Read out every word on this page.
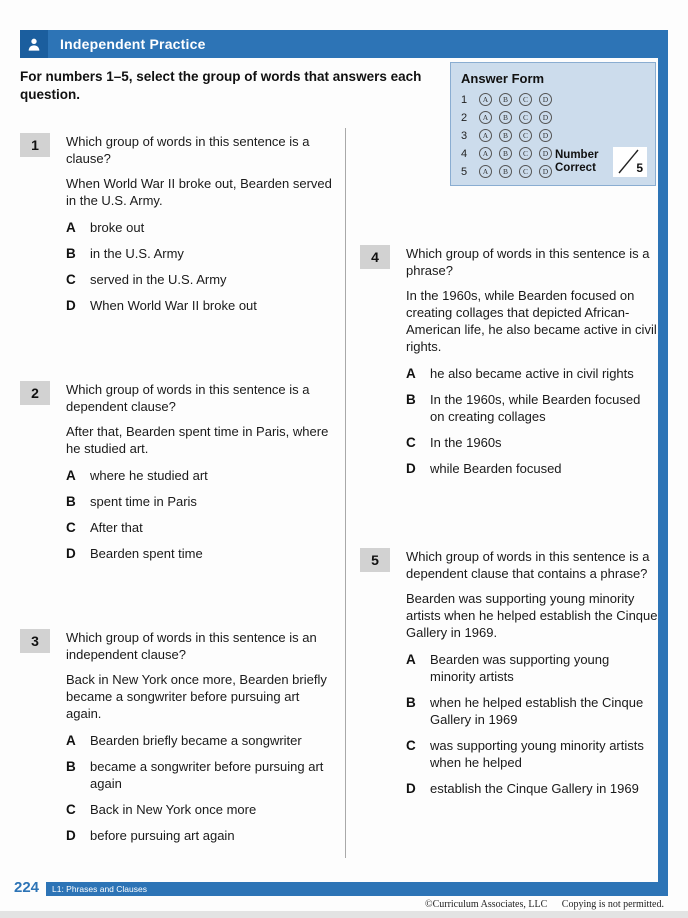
Independent Practice

For numbers 1–5, select the group of words that answers each question.

Answer Form
1	A	B	C	D
2	A	B	C	D
3	A	B	C	D
4	A	B	C	D
5	A	B	C	D
Number Correct	5
1	Which group of words in this sentence is a clause?

When World War II broke out, Bearden served in the U.S. Army.

A	broke out
B	in the U.S. Army
C	served in the U.S. Army
D	When World War II broke out
2	Which group of words in this sentence is a dependent clause?

After that, Bearden spent time in Paris, where he studied art.

A	where he studied art
B	spent time in Paris
C	After that
D	Bearden spent time
3	Which group of words in this sentence is an independent clause?

Back in New York once more, Bearden briefly became a songwriter before pursuing art again.

A	Bearden briefly became a songwriter
B	became a songwriter before pursuing art again
C	Back in New York once more
D	before pursuing art again
4	Which group of words in this sentence is a phrase?

In the 1960s, while Bearden focused on creating collages that depicted African-American life, he also became active in civil rights.

A	he also became active in civil rights
B	In the 1960s, while Bearden focused on creating collages
C	In the 1960s
D	while Bearden focused
5	Which group of words in this sentence is a dependent clause that contains a phrase?

Bearden was supporting young minority artists when he helped establish the Cinque Gallery in 1969.

A	Bearden was supporting young minority artists
B	when he helped establish the Cinque Gallery in 1969
C	was supporting young minority artists when he helped
D	establish the Cinque Gallery in 1969
224	L1: Phrases and Clauses
©Curriculum Associates, LLC Copying is not permitted.
